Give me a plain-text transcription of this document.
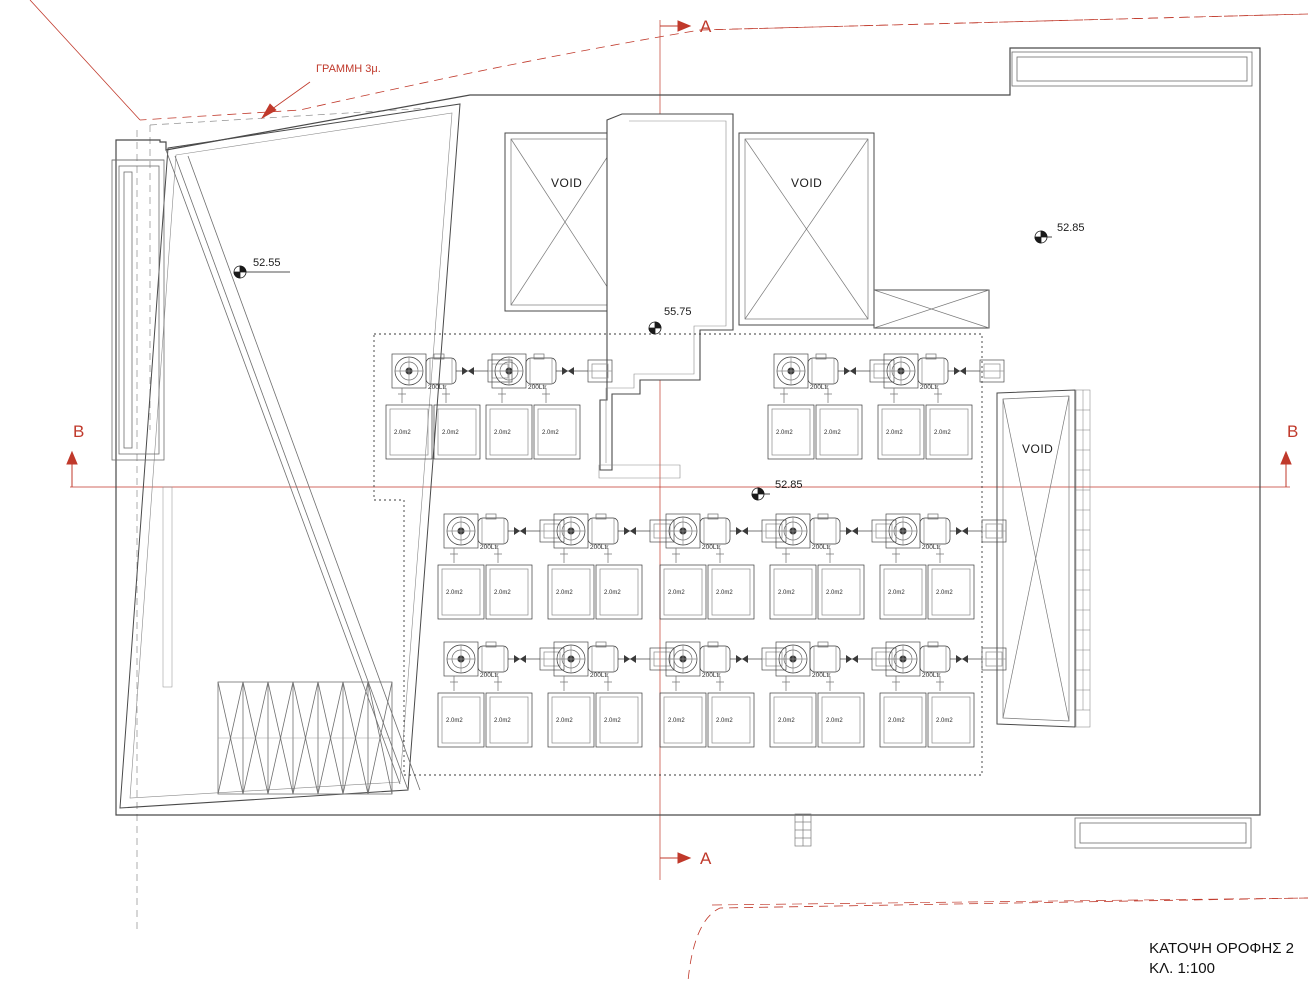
ΓΡΑΜΜΗ 3μ.
A
A
B	B
VOID	VOID
VOID
52.55
52.85
55.75
52.85
ΚΑΤΟΨΗ ΟΡΟΦΗΣ 2
ΚΛ. 1:100
200Ltr
2.0m2	2.0m2
200Ltr
2.0m2	2.0m2
200Ltr
2.0m2	2.0m2
200Ltr
2.0m2	2.0m2
200Ltr
2.0m2	2.0m2
200Ltr
2.0m2	2.0m2
200Ltr
2.0m2	2.0m2
200Ltr
2.0m2	2.0m2
200Ltr
2.0m2	2.0m2
200Ltr
2.0m2	2.0m2
200Ltr
2.0m2	2.0m2
200Ltr
2.0m2	2.0m2
200Ltr
2.0m2	2.0m2
200Ltr
2.0m2	2.0m2
